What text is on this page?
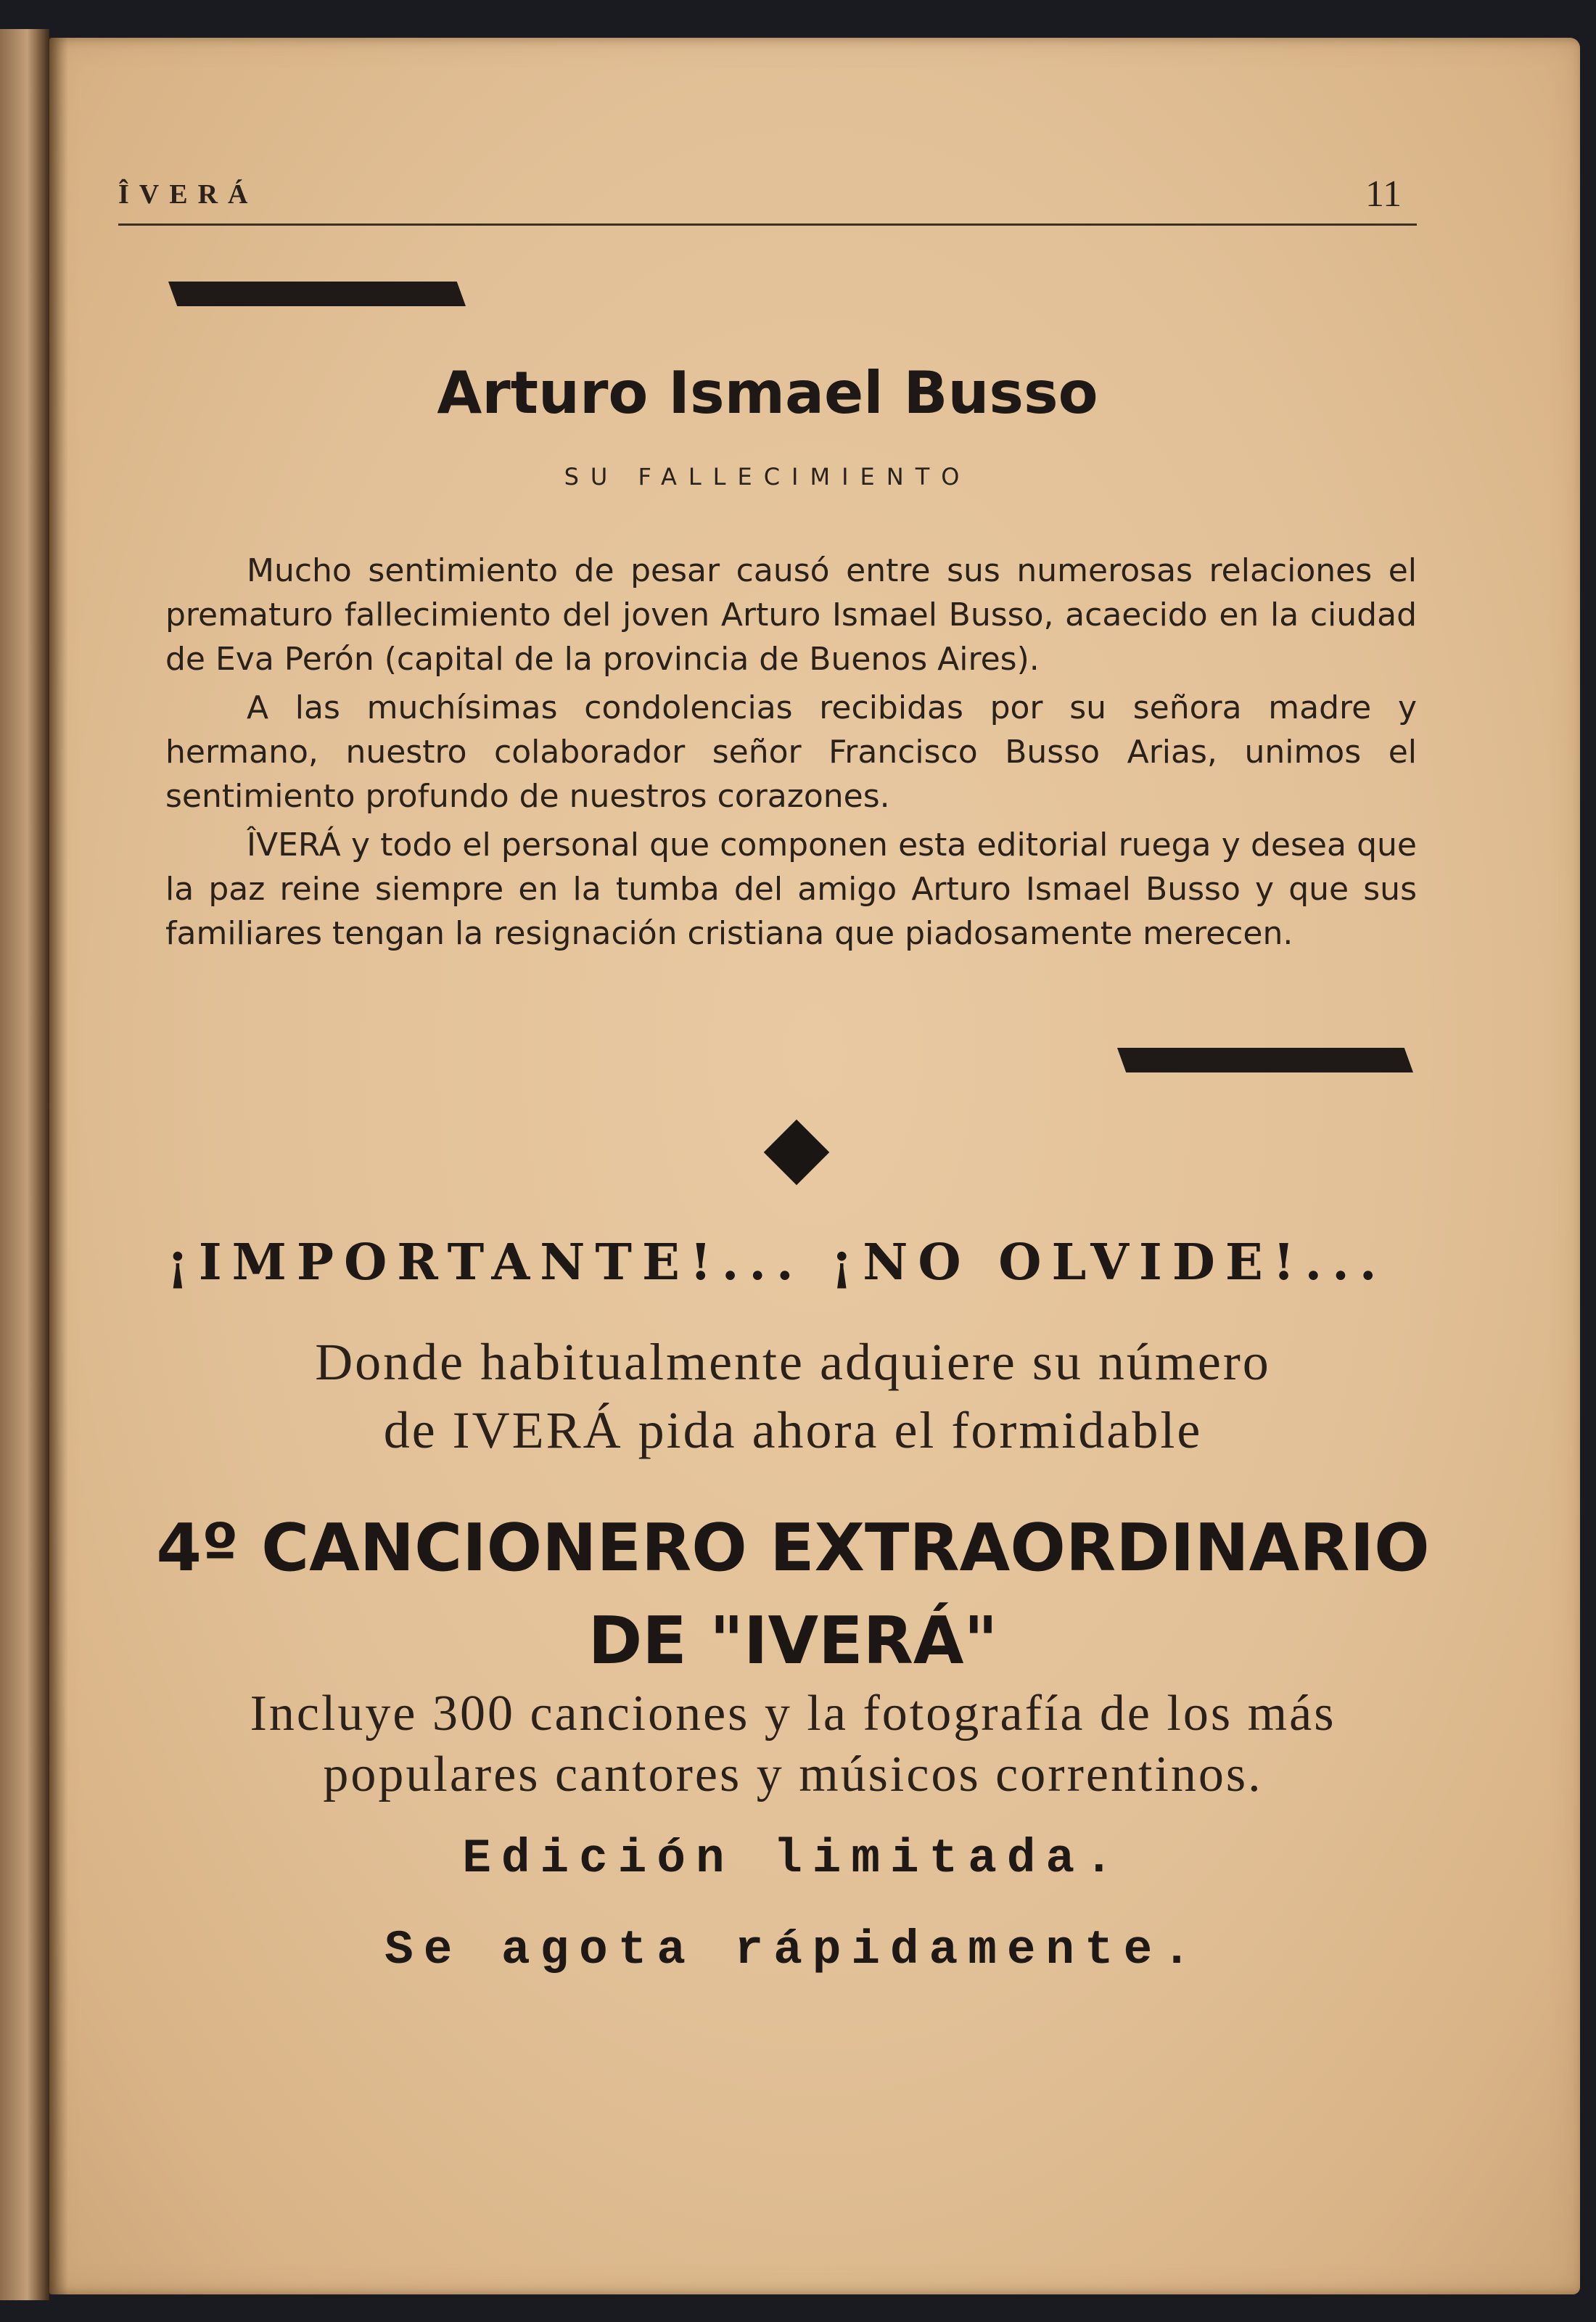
ÎVERÁ	11
Arturo Ismael Busso
SU FALLECIMIENTO

Mucho sentimiento de pesar causó entre sus numerosas relaciones el prematuro fallecimiento del joven Arturo Ismael Busso, acaecido en la ciudad de Eva Perón (capital de la provincia de Buenos Aires).

A las muchísimas condolencias recibidas por su señora madre y hermano, nuestro colaborador señor Francisco Busso Arias, unimos el sentimiento profundo de nuestros corazones.

ÎVERÁ y todo el personal que componen esta editorial ruega y desea que la paz reine siempre en la tumba del amigo Arturo Ismael Busso y que sus familiares tengan la resignación cristiana que piadosamente merecen.

¡IMPORTANTE!... ¡NO OLVIDE!...
Donde habitualmente adquiere su número
de IVERÁ pida ahora el formidable
4º CANCIONERO EXTRAORDINARIO
DE "IVERÁ"
Incluye 300 canciones y la fotografía de los más
populares cantores y músicos correntinos.
Edición limitada.
Se agota rápidamente.
